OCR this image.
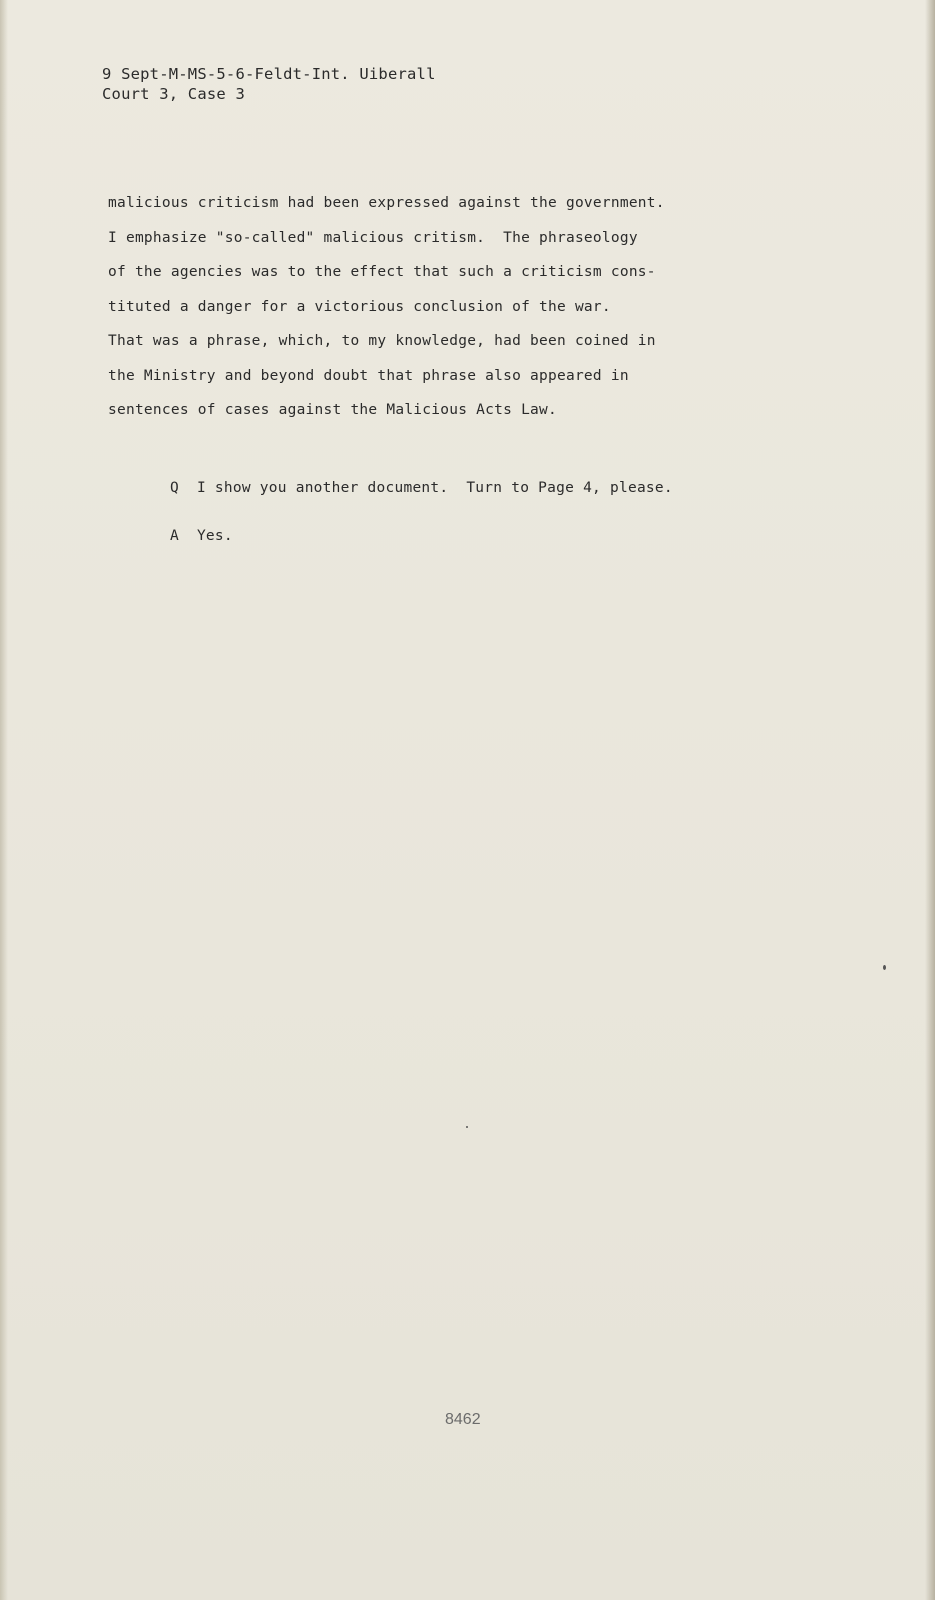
9 Sept-M-MS-5-6-Feldt-Int. Uiberall
Court 3, Case 3
malicious criticism had been expressed against the government.
I emphasize "so-called" malicious critism.  The phraseology
of the agencies was to the effect that such a criticism cons-
tituted a danger for a victorious conclusion of the war.
That was a phrase, which, to my knowledge, had been coined in
the Ministry and beyond doubt that phrase also appeared in
sentences of cases against the Malicious Acts Law.
Q  I show you another document.  Turn to Page 4, please.
A  Yes.
8462
